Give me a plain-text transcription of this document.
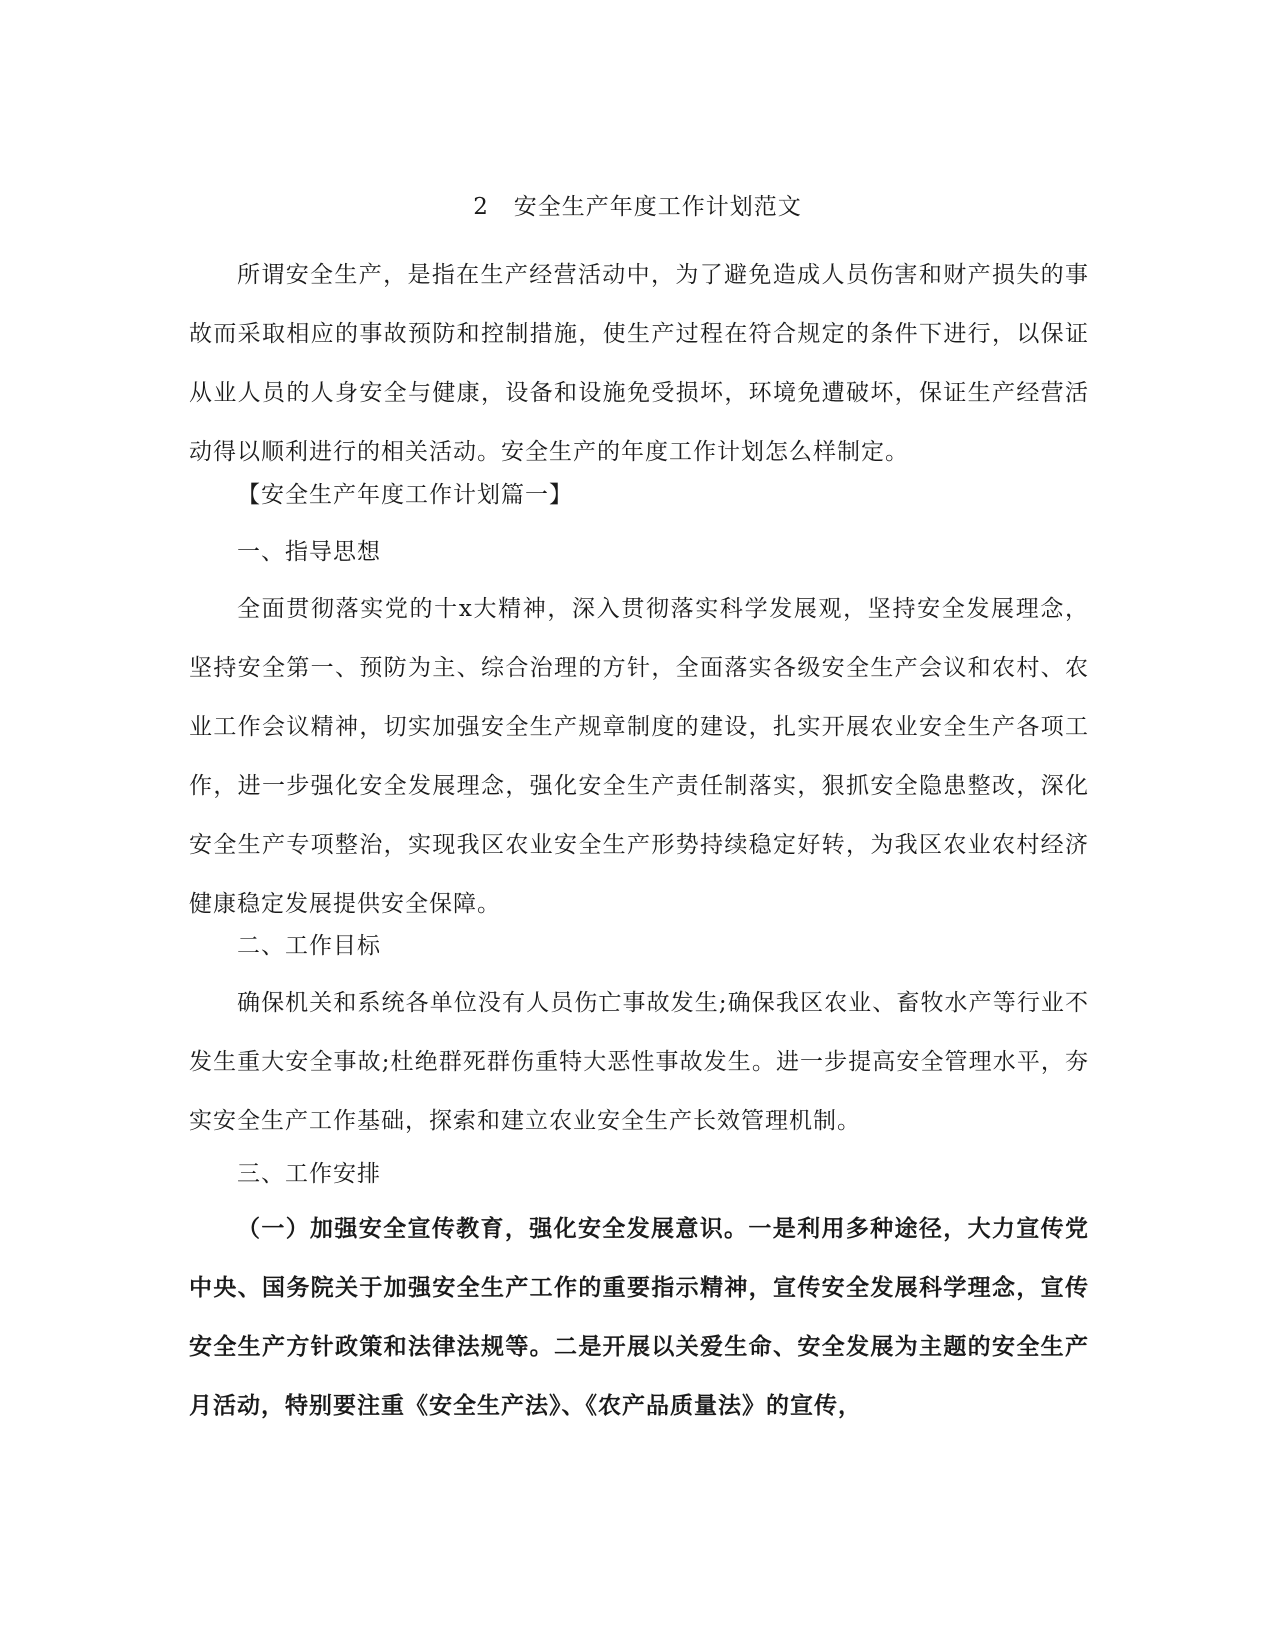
2   安全生产年度工作计划范文

所谓安全生产，是指在生产经营活动中，为了避免造成人员伤害和财产损失的事故而采取相应的事故预防和控制措施，使生产过程在符合规定的条件下进行，以保证从业人员的人身安全与健康，设备和设施免受损坏，环境免遭破坏，保证生产经营活动得以顺利进行的相关活动。安全生产的年度工作计划怎么样制定。

【安全生产年度工作计划篇一】

一、指导思想

全面贯彻落实党的十x大精神，深入贯彻落实科学发展观，坚持安全发展理念，坚持安全第一、预防为主、综合治理的方针，全面落实各级安全生产会议和农村、农业工作会议精神，切实加强安全生产规章制度的建设，扎实开展农业安全生产各项工作，进一步强化安全发展理念，强化安全生产责任制落实，狠抓安全隐患整改，深化安全生产专项整治，实现我区农业安全生产形势持续稳定好转，为我区农业农村经济健康稳定发展提供安全保障。

二、工作目标

确保机关和系统各单位没有人员伤亡事故发生;确保我区农业、畜牧水产等行业不发生重大安全事故;杜绝群死群伤重特大恶性事故发生。进一步提高安全管理水平，夯实安全生产工作基础，探索和建立农业安全生产长效管理机制。

三、工作安排

（一）加强安全宣传教育，强化安全发展意识。一是利用多种途径，大力宣传党中央、国务院关于加强安全生产工作的重要指示精神，宣传安全发展科学理念，宣传安全生产方针政策和法律法规等。二是开展以关爱生命、安全发展为主题的安全生产月活动，特别要注重《安全生产法》、《农产品质量法》的宣传，
